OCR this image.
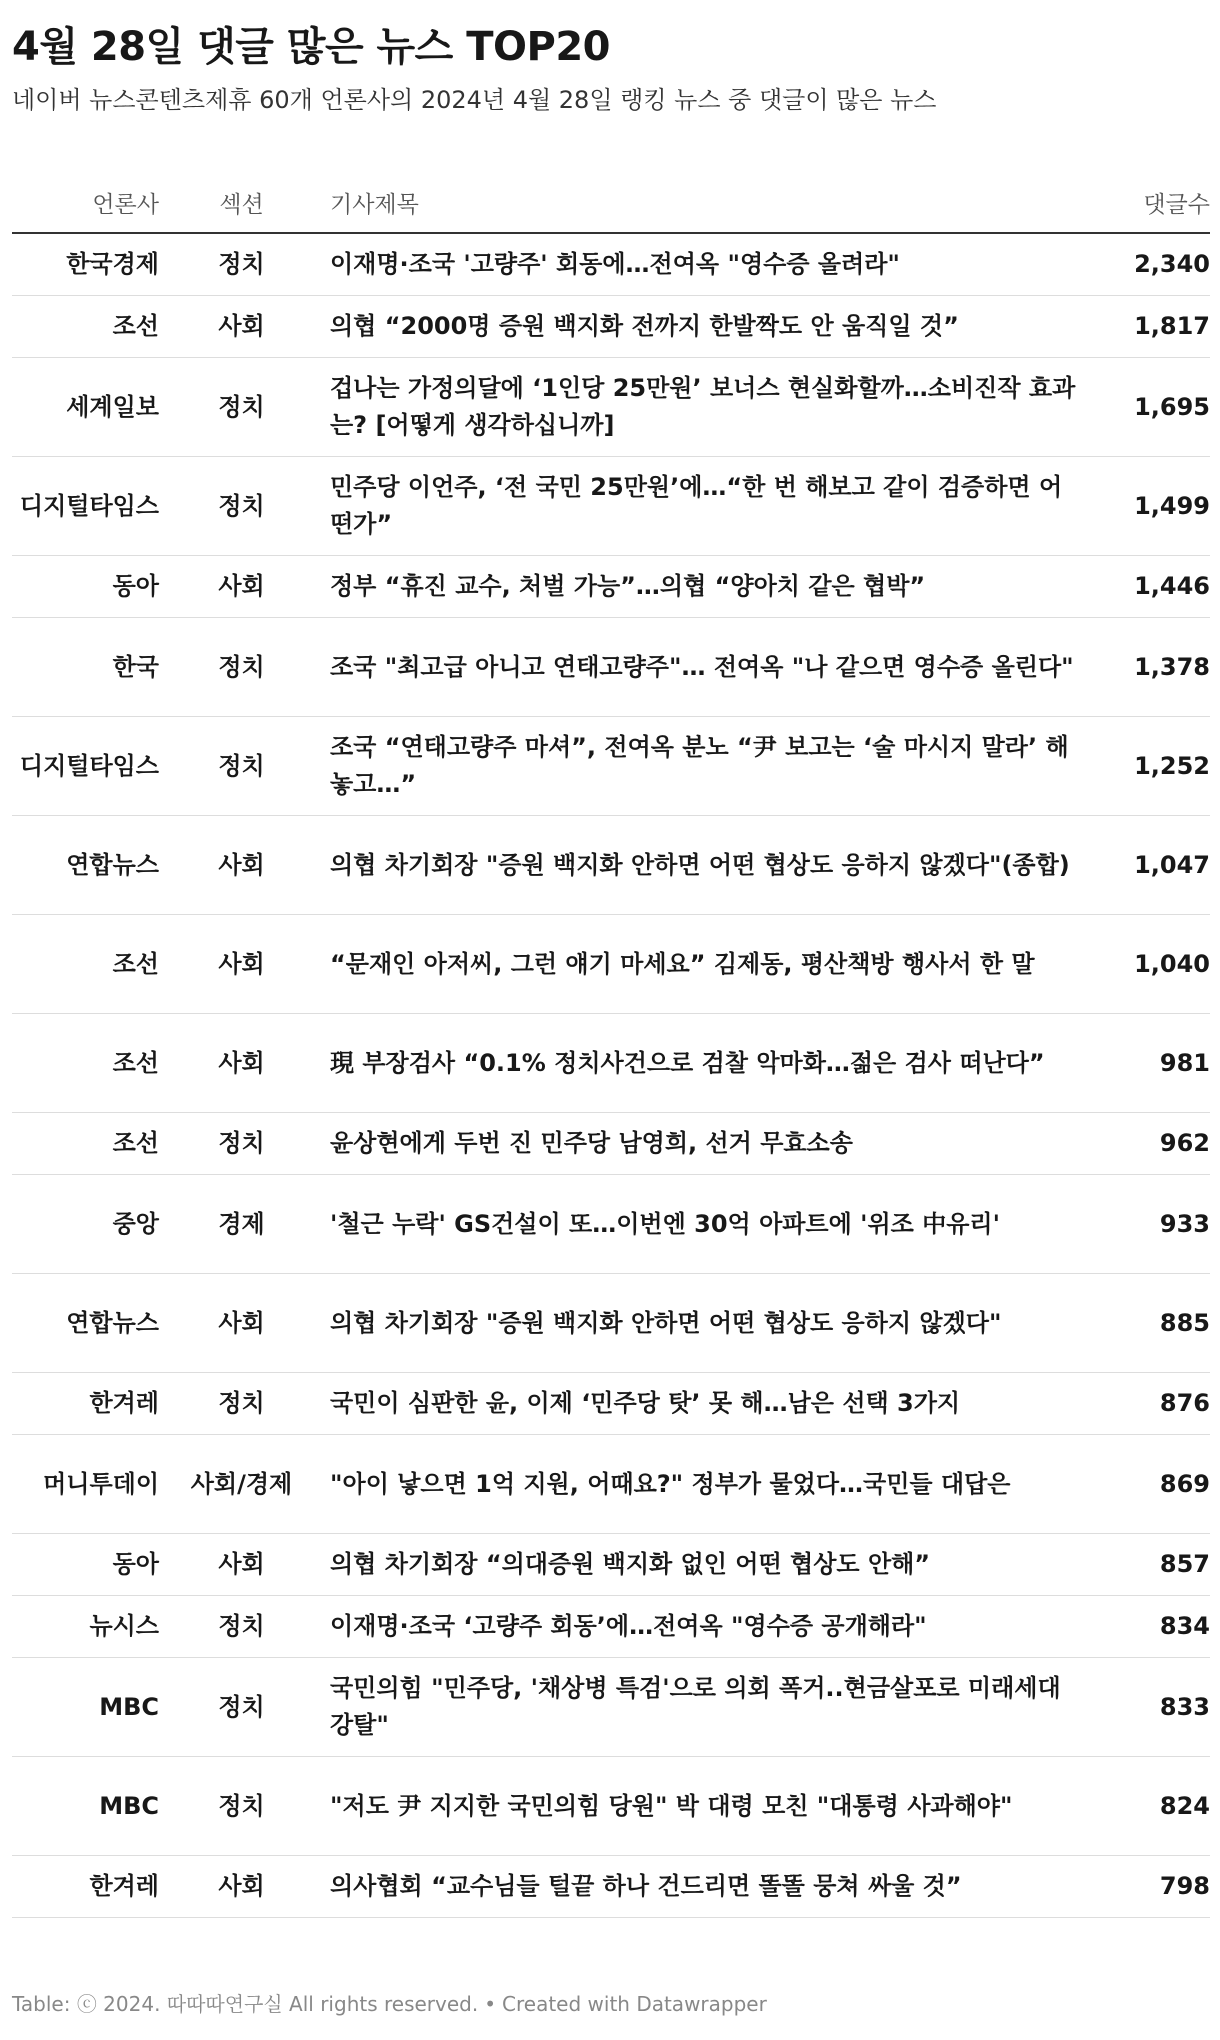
4월 28일 댓글 많은 뉴스 TOP20
네이버 뉴스콘텐츠제휴 60개 언론사의 2024년 4월 28일 랭킹 뉴스 중 댓글이 많은 뉴스
언론사	섹션	기사제목	댓글수
한국경제	정치	이재명·조국 '고량주' 회동에…전여옥 "영수증 올려라"	2,340
조선	사회	의협 “2000명 증원 백지화 전까지 한발짝도 안 움직일 것”	1,817
세계일보	정치	겁나는 가정의달에 ‘1인당 25만원’ 보너스 현실화할까…소비진작 효과는? [어떻게 생각하십니까]	1,695
디지털타임스	정치	민주당 이언주, ‘전 국민 25만원’에…“한 번 해보고 같이 검증하면 어떤가”	1,499
동아	사회	정부 “휴진 교수, 처벌 가능”…의협 “양아치 같은 협박”	1,446
한국	정치	조국 "최고급 아니고 연태고량주"… 전여옥 "나 같으면 영수증 올린다"	1,378
디지털타임스	정치	조국 “연태고량주 마셔”, 전여옥 분노 “尹 보고는 ‘술 마시지 말라’ 해놓고…”	1,252
연합뉴스	사회	의협 차기회장 "증원 백지화 안하면 어떤 협상도 응하지 않겠다"(종합)	1,047
조선	사회	“문재인 아저씨, 그런 얘기 마세요” 김제동, 평산책방 행사서 한 말	1,040
조선	사회	現 부장검사 “0.1% 정치사건으로 검찰 악마화…젊은 검사 떠난다”	981
조선	정치	윤상현에게 두번 진 민주당 남영희, 선거 무효소송	962
중앙	경제	'철근 누락' GS건설이 또…이번엔 30억 아파트에 '위조 中유리'	933
연합뉴스	사회	의협 차기회장 "증원 백지화 안하면 어떤 협상도 응하지 않겠다"	885
한겨레	정치	국민이 심판한 윤, 이제 ‘민주당 탓’ 못 해…남은 선택 3가지	876
머니투데이	사회/경제	"아이 낳으면 1억 지원, 어때요?" 정부가 물었다…국민들 대답은	869
동아	사회	의협 차기회장 “의대증원 백지화 없인 어떤 협상도 안해”	857
뉴시스	정치	이재명·조국 ‘고량주 회동’에…전여옥 "영수증 공개해라"	834
MBC	정치	국민의힘 "민주당, '채상병 특검'으로 의회 폭거..현금살포로 미래세대 강탈"	833
MBC	정치	"저도 尹 지지한 국민의힘 당원" 박 대령 모친 "대통령 사과해야"	824
한겨레	사회	의사협회 “교수님들 털끝 하나 건드리면 똘똘 뭉쳐 싸울 것”	798
Table: ⓒ 2024. 따따따연구실 All rights reserved. • Created with Datawrapper
